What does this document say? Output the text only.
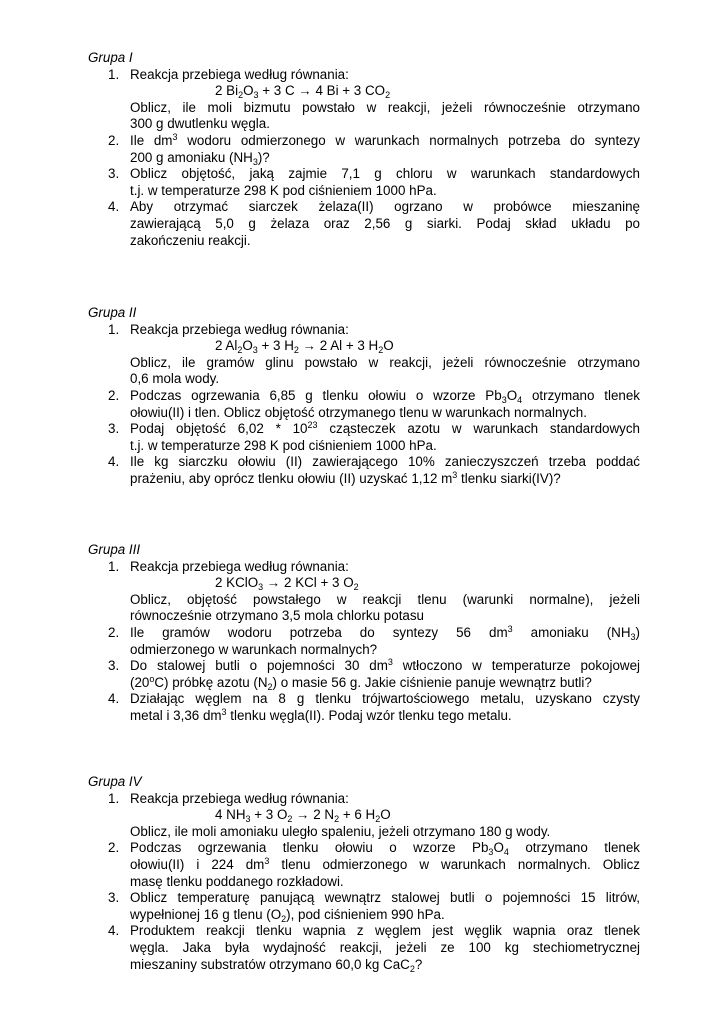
Grupa I

1. Reakcja przebiega według równania:
2 $Bi_2O_3 + 3$ C → 4 Bi + 3 $CO_2$
Oblicz, ile moli bizmutu powstało w reakcji, jeżeli równocześnie otrzymano
300 g dwutlenku węgla.
2. Ile $dm^3$ wodoru odmierzonego w warunkach normalnych potrzeba do syntezy
200 g amoniaku $(NH_3)$?
3. Oblicz objętość, jaką zajmie 7,1 g chloru w warunkach standardowych
t.j. w temperaturze 298 K pod ciśnieniem 1000 hPa.
4. Aby otrzymać siarczek żelaza(II) ogrzano w probówce mieszaninę
zawierającą 5,0 g żelaza oraz 2,56 g siarki. Podaj skład układu po
zakończeniu reakcji.

Grupa II

1. Reakcja przebiega według równania:
2 $Al_2O_3 + 3$ $H_2 \to 2$ Al + 3 $H_2O$
Oblicz, ile gramów glinu powstało w reakcji, jeżeli równocześnie otrzymano
0,6 mola wody.
2. Podczas ogrzewania 6,85 g tlenku ołowiu o wzorze $Pb_3O_4$ otrzymano tlenek
ołowiu(II) i tlen. Oblicz objętość otrzymanego tlenu w warunkach normalnych.
3. Podaj objętość $6,02 * 10^{23}$ cząsteczek azotu w warunkach standardowych
t.j. w temperaturze 298 K pod ciśnieniem 1000 hPa.
4. Ile kg siarczku ołowiu (II) zawierającego 10% zanieczyszczeń trzeba poddać
prażeniu, aby oprócz tlenku ołowiu (II) uzyskać 1,12 $m^3$ tlenku siarki(IV)?

Grupa III

1. Reakcja przebiega według równania:
2 KClO$_3$ → 2 KCl + 3 $O_2$
Oblicz, objętość powstałego w reakcji tlenu (warunki normalne), jeżeli
równocześnie otrzymano 3,5 mola chlorku potasu
2. Ile gramów wodoru potrzeba do syntezy 56 $dm^3$ amoniaku $(NH_3)$
odmierzonego w warunkach normalnych?
3. Do stalowej butli o pojemności 30 $dm^3$ wtłoczono w temperaturze pokojowej
(20$^o$C) próbkę azotu $(N_2)$ o masie 56 g. Jakie ciśnienie panuje wewnątrz butli?
4. Działając węglem na 8 g tlenku trójwartościowego metalu, uzyskano czysty
metal i 3,36 $dm^3$ tlenku węgla(II). Podaj wzór tlenku tego metalu.

Grupa IV

1. Reakcja przebiega według równania:
4 $NH_3 + 3$ $O_2 \to 2$ $N_2 + 6$ $H_2O$
Oblicz, ile moli amoniaku uległo spaleniu, jeżeli otrzymano 180 g wody.
2. Podczas ogrzewania tlenku ołowiu o wzorze $Pb_3O_4$ otrzymano tlenek
ołowiu(II) i 224 $dm^3$ tlenu odmierzonego w warunkach normalnych. Oblicz
masę tlenku poddanego rozkładowi.
3. Oblicz temperaturę panującą wewnątrz stalowej butli o pojemności 15 litrów,
wypełnionej 16 g tlenu $(O_2)$, pod ciśnieniem 990 hPa.
4. Produktem reakcji tlenku wapnia z węglem jest węglik wapnia oraz tlenek
węgla. Jaka była wydajność reakcji, jeżeli ze 100 kg stechiometrycznej
mieszaniny substratów otrzymano 60,0 kg CaC$_2$?
